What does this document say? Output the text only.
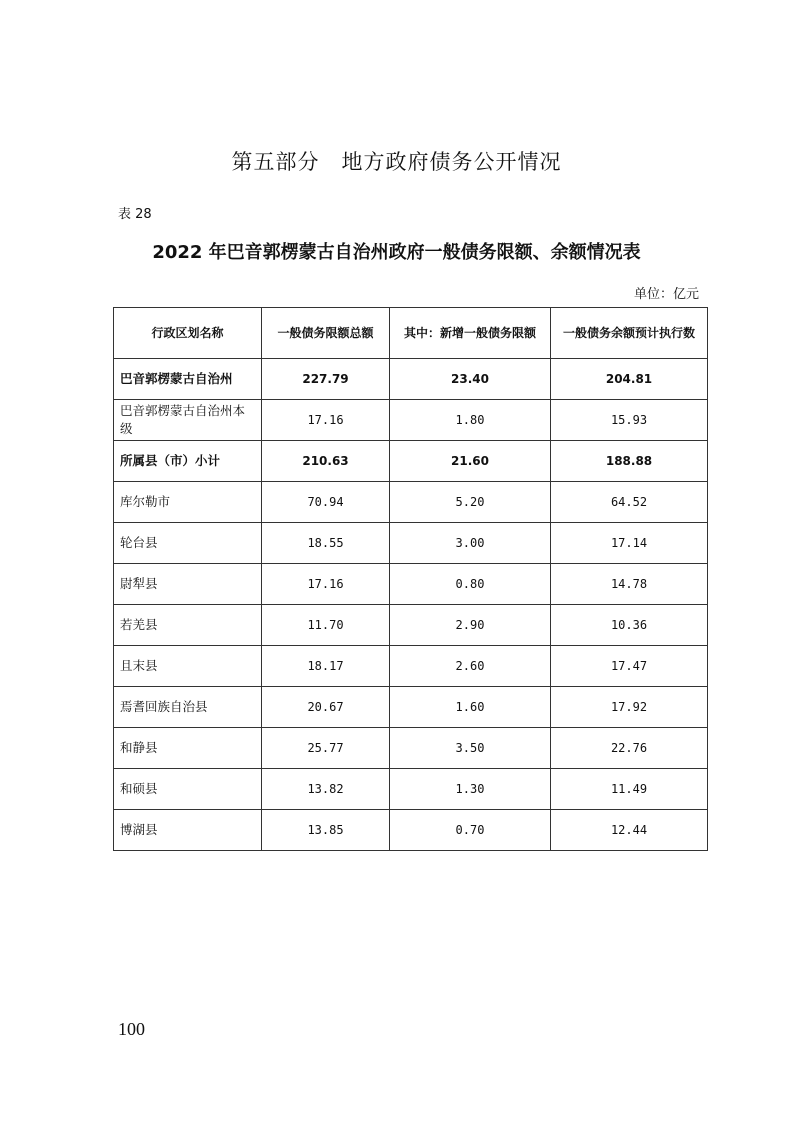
第五部分　地方政府债务公开情况
表 28
2022 年巴音郭楞蒙古自治州政府一般债务限额、余额情况表
单位：亿元
行政区划名称	一般债务限额总额	其中：新增一般债务限额	一般债务余额预计执行数
巴音郭楞蒙古自治州	227.79	23.40	204.81
巴音郭楞蒙古自治州本级	17.16	1.80	15.93
所属县（市）小计	210.63	21.60	188.88
库尔勒市	70.94	5.20	64.52
轮台县	18.55	3.00	17.14
尉犁县	17.16	0.80	14.78
若羌县	11.70	2.90	10.36
且末县	18.17	2.60	17.47
焉耆回族自治县	20.67	1.60	17.92
和静县	25.77	3.50	22.76
和硕县	13.82	1.30	11.49
博湖县	13.85	0.70	12.44
100
